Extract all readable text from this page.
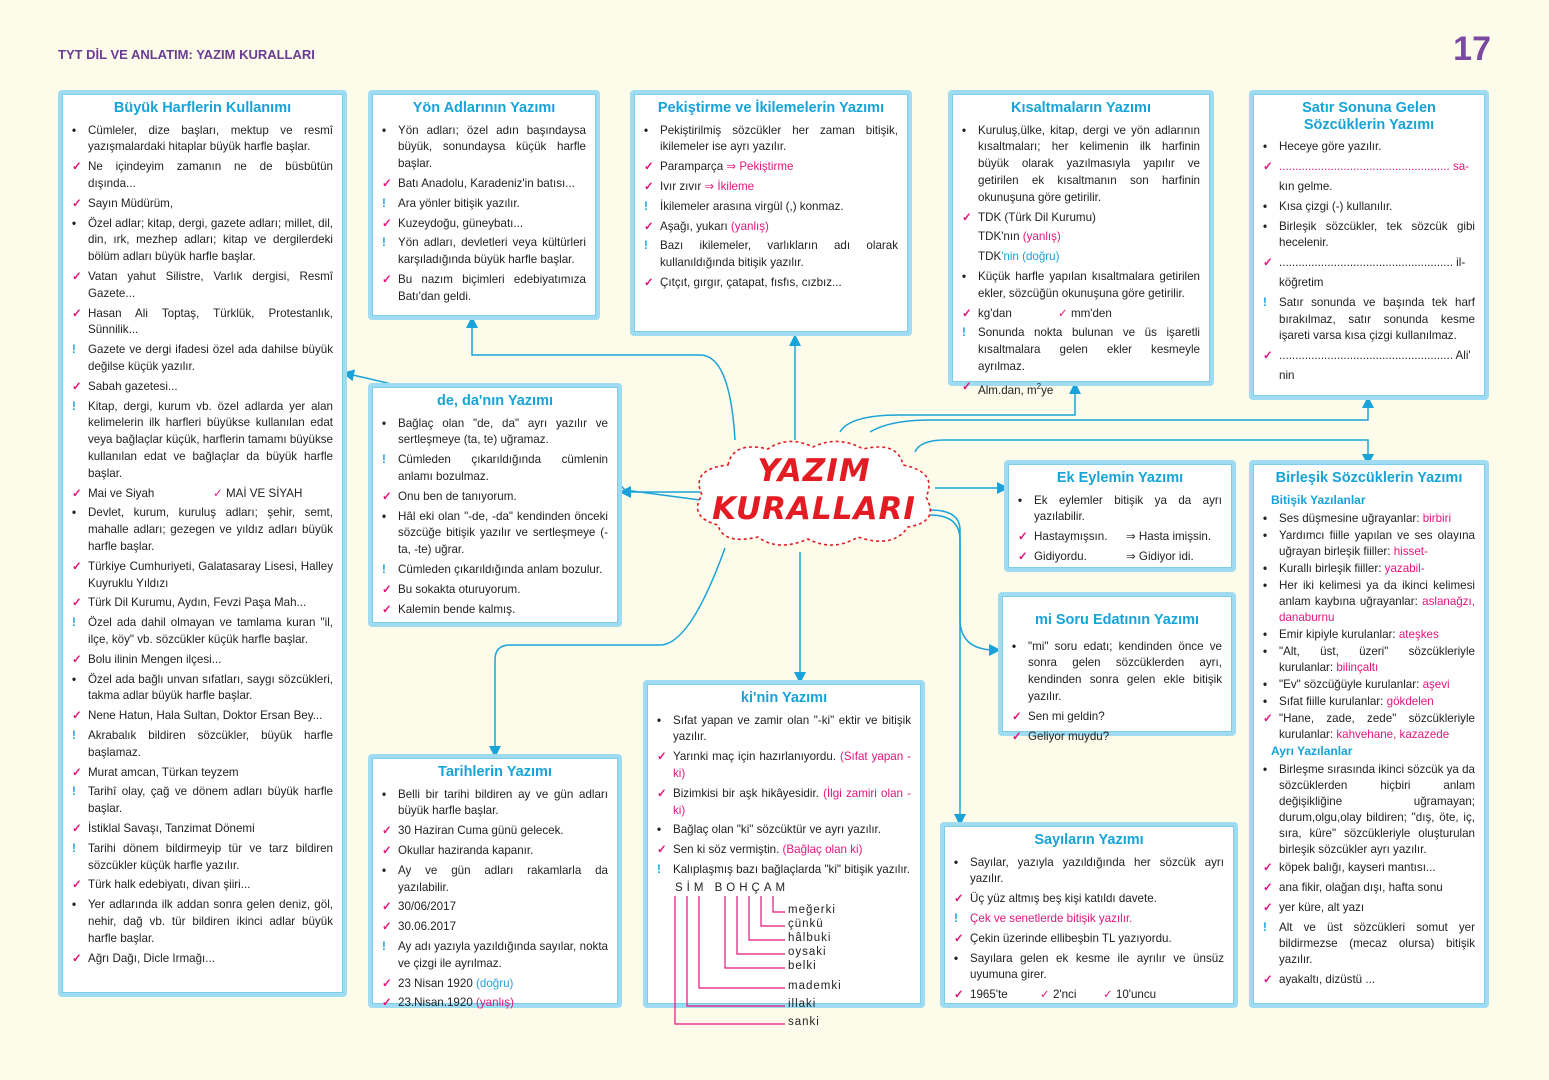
TYT DİL VE ANLATIM: YAZIM KURALLARI	17
YAZIM
KURALLARI
Büyük Harflerin Kullanımı
•	Cümleler, dize başları, mektup ve resmî yazışmalardaki hitaplar büyük harfle başlar.
✓ Ne içindeyim zamanın ne de büsbütün dışında...
✓ Sayın Müdürüm,
•	Özel adlar; kitap, dergi, gazete adları; millet, dil, din, ırk, mezhep adları; kitap ve dergilerdeki bölüm adları büyük harfle başlar.
✓ Vatan yahut Silistre, Varlık dergisi, Resmî Gazete...
✓ Hasan Ali Toptaş, Türklük, Protestanlık, Sünnilik...
!	Gazete ve dergi ifadesi özel ada dahilse büyük değilse küçük yazılır.
✓ Sabah gazetesi...
!	Kitap, dergi, kurum vb. özel adlarda yer alan kelimelerin ilk harfleri büyükse kullanılan edat veya bağlaçlar küçük, harflerin tamamı büyükse kullanılan edat ve bağlaçlar da büyük harfle başlar.
✓ Mai ve Siyah	✓ MAİ VE SİYAH
•	Devlet, kurum, kuruluş adları; şehir, semt, mahalle adları; gezegen ve yıldız adları büyük harfle başlar.
✓ Türkiye Cumhuriyeti, Galatasaray Lisesi, Halley Kuyruklu Yıldızı
✓ Türk Dil Kurumu, Aydın, Fevzi Paşa Mah...
!	Özel ada dahil olmayan ve tamlama kuran "il, ilçe, köy" vb. sözcükler küçük harfle başlar.
✓ Bolu ilinin Mengen ilçesi...
•	Özel ada bağlı unvan sıfatları, saygı sözcükleri, takma adlar büyük harfle başlar.
✓ Nene Hatun, Hala Sultan, Doktor Ersan Bey...
!	Akrabalık bildiren sözcükler, büyük harfle başlamaz.
✓ Murat amcan, Türkan teyzem
!	Tarihî olay, çağ ve dönem adları büyük harfle başlar.
✓ İstiklal Savaşı, Tanzimat Dönemi
!	Tarihi dönem bildirmeyip tür ve tarz bildiren sözcükler küçük harfle yazılır.
✓ Türk halk edebiyatı, divan şiiri...
•	Yer adlarında ilk addan sonra gelen deniz, göl, nehir, dağ vb. tür bildiren ikinci adlar büyük harfle başlar.
✓ Ağrı Dağı, Dicle Irmağı...
Yön Adlarının Yazımı
•	Yön adları; özel adın başındaysa büyük, sonundaysa küçük harfle başlar.
✓ Batı Anadolu, Karadeniz'in batısı...
!	Ara yönler bitişik yazılır.
✓ Kuzeydoğu, güneybatı...
!	Yön adları, devletleri veya kültürleri karşıladığında büyük harfle başlar.
✓ Bu nazım biçimleri edebiyatımıza Batı'dan geldi.
Pekiştirme ve İkilemelerin Yazımı
•	Pekiştirilmiş sözcükler her zaman bitişik, ikilemeler ise ayrı yazılır.
✓ Paramparça ⇒ Pekiştirme
✓ Ivır zıvır ⇒ İkileme
!	İkilemeler arasına virgül (,) konmaz.
✓ Aşağı, yukarı (yanlış)
!	Bazı ikilemeler, varlıkların adı olarak kullanıldığında bitişik yazılır.
✓ Çıtçıt, gırgır, çatapat, fısfıs, cızbız...
Kısaltmaların Yazımı
•	Kuruluş,ülke, kitap, dergi ve yön adlarının kısaltmaları; her kelimenin ilk harfinin büyük olarak yazılmasıyla yapılır ve getirilen ek kısaltmanın son harfinin okunuşuna göre getirilir.
✓ TDK (Türk Dil Kurumu)
TDK'nın (yanlış)
TDK'nin (doğru)
•	Küçük harfle yapılan kısaltmalara getirilen ekler, sözcüğün okunuşuna göre getirilir.
✓ kg'dan	✓ mm'den
!	Sonunda nokta bulunan ve üs işaretli kısaltmalara gelen ekler kesmeyle ayrılmaz.
✓ Alm.dan, $m^2ye$
Satır Sonuna Gelen Sözcüklerin Yazımı
•	Heceye göre yazılır.
✓ ..................................................... sa-
kın gelme.
•	Kısa çizgi (-) kullanılır.
•	Birleşik sözcükler, tek sözcük gibi hecelenir.
✓ ...................................................... il-
köğretim
!	Satır sonunda ve başında tek harf bırakılmaz, satır sonunda kesme işareti varsa kısa çizgi kullanılmaz.
✓ ...................................................... Ali'
nin
de, da'nın Yazımı
•	Bağlaç olan "de, da" ayrı yazılır ve sertleşmeye (ta, te) uğramaz.
!	Cümleden çıkarıldığında cümlenin anlamı bozulmaz.
✓ Onu ben de tanıyorum.
•	Hâl eki olan "-de, -da" kendinden önceki sözcüğe bitişik yazılır ve sertleşmeye (-ta, -te) uğrar.
!	Cümleden çıkarıldığında anlam bozulur.
✓ Bu sokakta oturuyorum.
✓ Kalemin bende kalmış.
Ek Eylemin Yazımı
•	Ek eylemler bitişik ya da ayrı yazılabilir.
✓ Hastaymışsın. ⇒ Hasta imişsin.
✓ Gidiyordu.	⇒ Gidiyor idi.
mi Soru Edatının Yazımı
•	"mi" soru edatı; kendinden önce ve sonra gelen sözcüklerden ayrı, kendinden sonra gelen ekle bitişik yazılır.
✓ Sen mi geldin?
✓ Geliyor muydu?
Birleşik Sözcüklerin Yazımı
Bitişik Yazılanlar
•	Ses düşmesine uğrayanlar: birbiri
•	Yardımcı fiille yapılan ve ses olayına uğrayan birleşik fiiller: hisset-
•	Kurallı birleşik fiiller: yazabil-
•	Her iki kelimesi ya da ikinci kelimesi anlam kaybına uğrayanlar: aslanağzı, danaburnu
•	Emir kipiyle kurulanlar: ateşkes
•	"Alt, üst, üzeri" sözcükleriyle kurulanlar: bilinçaltı
•	"Ev" sözcüğüyle kurulanlar: aşevi
•	Sıfat fiille kurulanlar: gökdelen
✓ "Hane, zade, zede" sözcükleriyle kurulanlar: kahvehane, kazazede
Ayrı Yazılanlar
•	Birleşme sırasında ikinci sözcük ya da sözcüklerden hiçbiri anlam değişikliğine uğramayan; durum,olgu,olay bildiren; "dış, öte, iç, sıra, küre" sözcükleriyle oluşturulan birleşik sözcükler ayrı yazılır.
✓ köpek balığı, kayseri mantısı...
✓ ana fikir, olağan dışı, hafta sonu
✓ yer küre, alt yazı
!	Alt ve üst sözcükleri somut yer bildirmezse (mecaz olursa) bitişik yazılır.
✓ ayakaltı, dizüstü ...
ki'nin Yazımı
•	Sıfat yapan ve zamir olan "-ki" ektir ve bitişik yazılır.
✓ Yarınki maç için hazırlanıyordu. (Sıfat yapan -ki)
✓ Bizimkisi bir aşk hikâyesidir. (İlgi zamiri olan -ki)
•	Bağlaç olan "ki" sözcüktür ve ayrı yazılır.
✓ Sen ki söz vermiştin. (Bağlaç olan ki)
!	Kalıplaşmış bazı bağlaçlarda "ki" bitişik yazılır.
SİM BOHÇAM
meğerki
çünkü
hâlbuki
oysaki
belki
mademki
illaki
sanki
Tarihlerin Yazımı
•	Belli bir tarihi bildiren ay ve gün adları büyük harfle başlar.
✓ 30 Haziran Cuma günü gelecek.
✓ Okullar haziranda kapanır.
•	Ay ve gün adları rakamlarla da yazılabilir.
✓ 30/06/2017
✓ 30.06.2017
!	Ay adı yazıyla yazıldığında sayılar, nokta ve çizgi ile ayrılmaz.
✓ 23 Nisan 1920 (doğru)
✓ 23.Nisan.1920 (yanlış)
Sayıların Yazımı
•	Sayılar, yazıyla yazıldığında her sözcük ayrı yazılır.
✓ Üç yüz altmış beş kişi katıldı davete.
!	Çek ve senetlerde bitişik yazılır.
✓ Çekin üzerinde ellibeşbin TL yazıyordu.
•	Sayılara gelen ek kesme ile ayrılır ve ünsüz uyumuna girer.
✓ 1965'te	✓ 2'nci ✓ 10'uncu
